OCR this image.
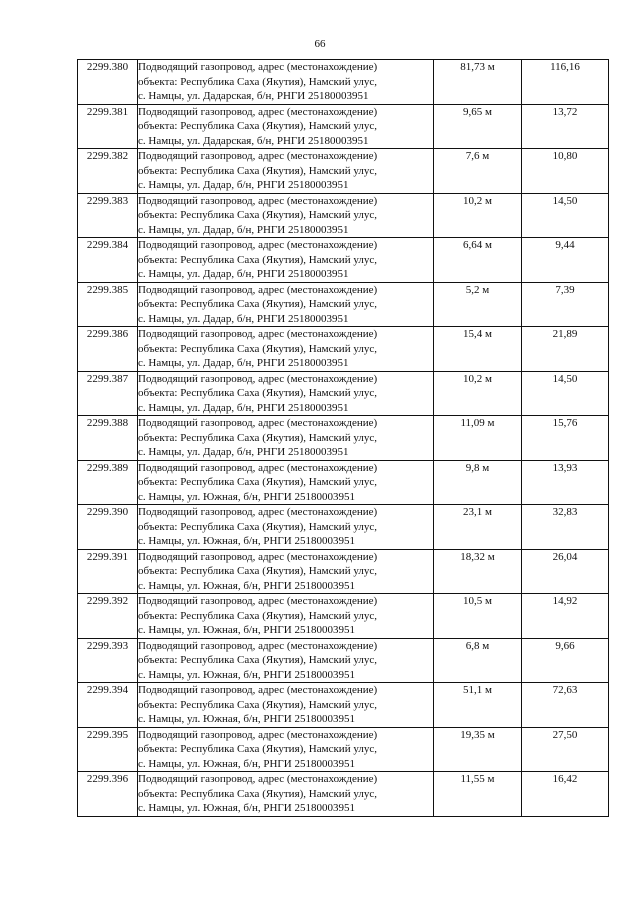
66
2299.380	Подводящий газопровод, адрес (местонахождение)
объекта: Республика Саха (Якутия), Намский улус,
с. Намцы, ул. Дадарская, б/н, РНГИ 25180003951	81,73 м	116,16
2299.381	Подводящий газопровод, адрес (местонахождение)
объекта: Республика Саха (Якутия), Намский улус,
с. Намцы, ул. Дадарская, б/н, РНГИ 25180003951	9,65 м	13,72
2299.382	Подводящий газопровод, адрес (местонахождение)
объекта: Республика Саха (Якутия), Намский улус,
с. Намцы, ул. Дадар, б/н, РНГИ 25180003951	7,6 м	10,80
2299.383	Подводящий газопровод, адрес (местонахождение)
объекта: Республика Саха (Якутия), Намский улус,
с. Намцы, ул. Дадар, б/н, РНГИ 25180003951	10,2 м	14,50
2299.384	Подводящий газопровод, адрес (местонахождение)
объекта: Республика Саха (Якутия), Намский улус,
с. Намцы, ул. Дадар, б/н, РНГИ 25180003951	6,64 м	9,44
2299.385	Подводящий газопровод, адрес (местонахождение)
объекта: Республика Саха (Якутия), Намский улус,
с. Намцы, ул. Дадар, б/н, РНГИ 25180003951	5,2 м	7,39
2299.386	Подводящий газопровод, адрес (местонахождение)
объекта: Республика Саха (Якутия), Намский улус,
с. Намцы, ул. Дадар, б/н, РНГИ 25180003951	15,4 м	21,89
2299.387	Подводящий газопровод, адрес (местонахождение)
объекта: Республика Саха (Якутия), Намский улус,
с. Намцы, ул. Дадар, б/н, РНГИ 25180003951	10,2 м	14,50
2299.388	Подводящий газопровод, адрес (местонахождение)
объекта: Республика Саха (Якутия), Намский улус,
с. Намцы, ул. Дадар, б/н, РНГИ 25180003951	11,09 м	15,76
2299.389	Подводящий газопровод, адрес (местонахождение)
объекта: Республика Саха (Якутия), Намский улус,
с. Намцы, ул. Южная, б/н, РНГИ 25180003951	9,8 м	13,93
2299.390	Подводящий газопровод, адрес (местонахождение)
объекта: Республика Саха (Якутия), Намский улус,
с. Намцы, ул. Южная, б/н, РНГИ 25180003951	23,1 м	32,83
2299.391	Подводящий газопровод, адрес (местонахождение)
объекта: Республика Саха (Якутия), Намский улус,
с. Намцы, ул. Южная, б/н, РНГИ 25180003951	18,32 м	26,04
2299.392	Подводящий газопровод, адрес (местонахождение)
объекта: Республика Саха (Якутия), Намский улус,
с. Намцы, ул. Южная, б/н, РНГИ 25180003951	10,5 м	14,92
2299.393	Подводящий газопровод, адрес (местонахождение)
объекта: Республика Саха (Якутия), Намский улус,
с. Намцы, ул. Южная, б/н, РНГИ 25180003951	6,8 м	9,66
2299.394	Подводящий газопровод, адрес (местонахождение)
объекта: Республика Саха (Якутия), Намский улус,
с. Намцы, ул. Южная, б/н, РНГИ 25180003951	51,1 м	72,63
2299.395	Подводящий газопровод, адрес (местонахождение)
объекта: Республика Саха (Якутия), Намский улус,
с. Намцы, ул. Южная, б/н, РНГИ 25180003951	19,35 м	27,50
2299.396	Подводящий газопровод, адрес (местонахождение)
объекта: Республика Саха (Якутия), Намский улус,
с. Намцы, ул. Южная, б/н, РНГИ 25180003951	11,55 м	16,42
